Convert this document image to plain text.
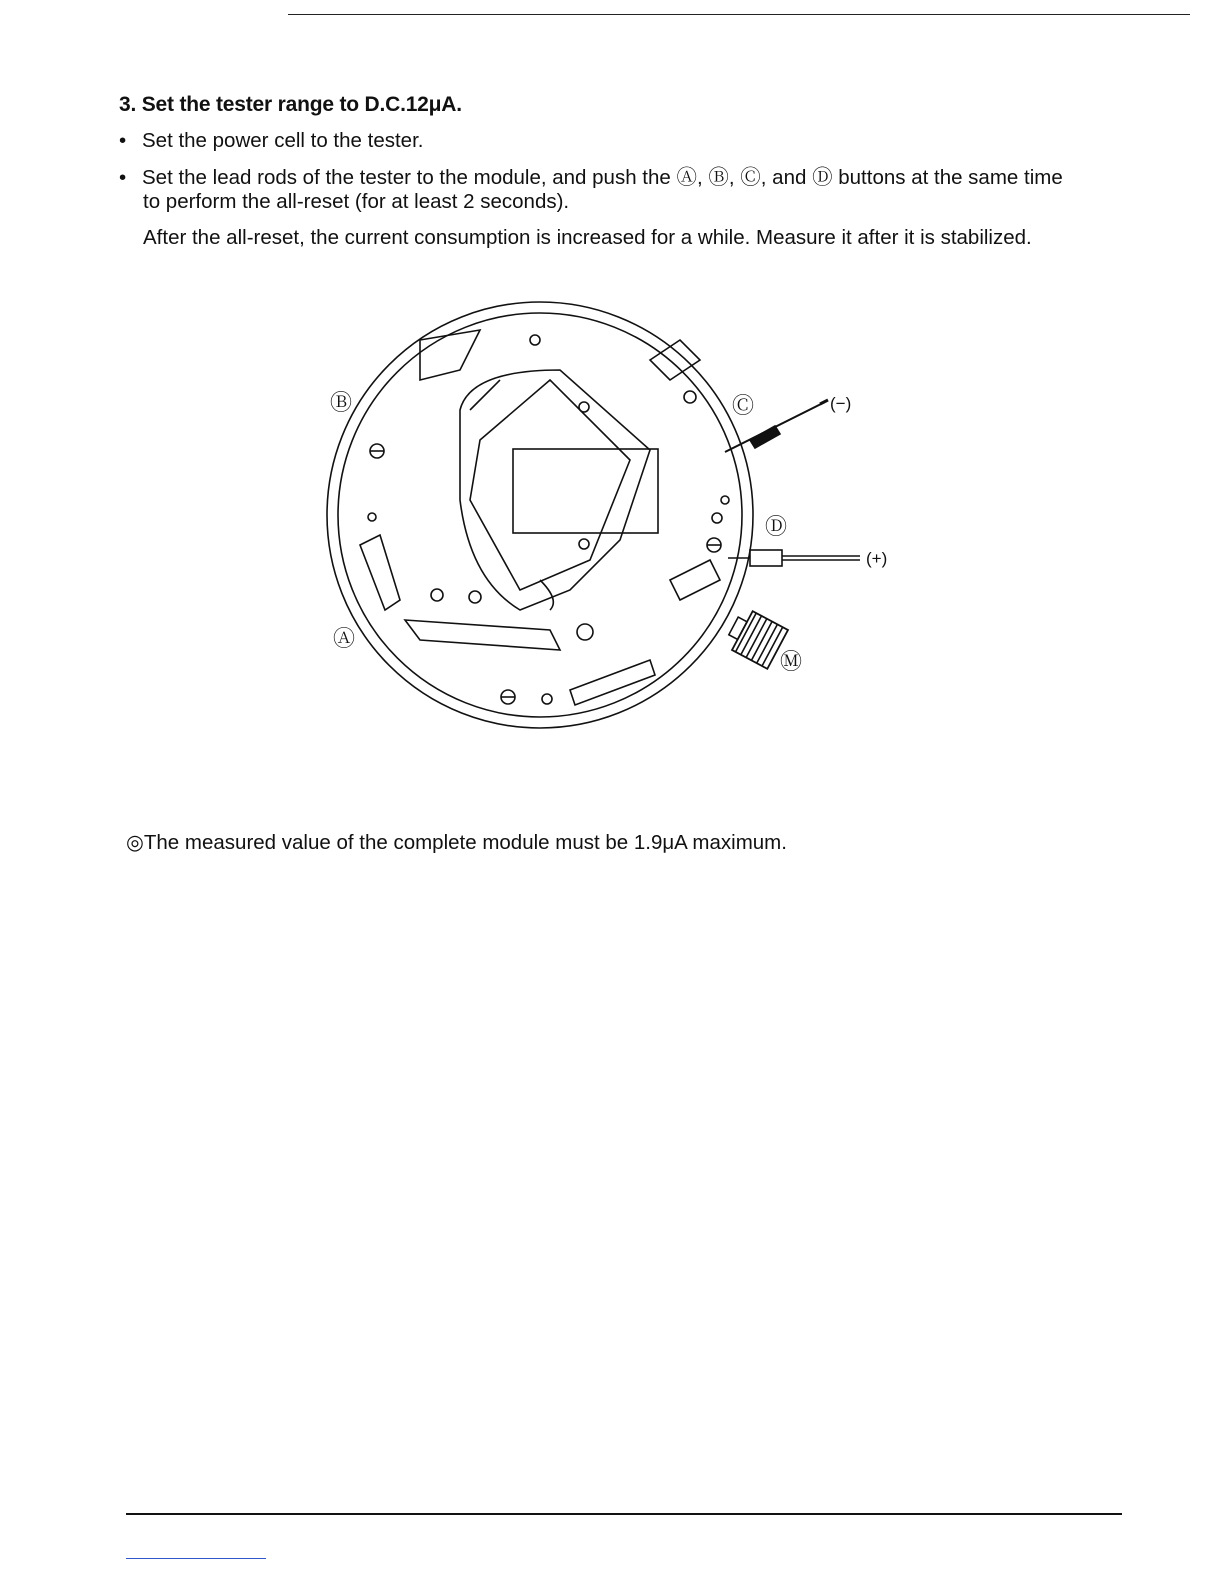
3. Set the tester range to D.C.12μA.
• Set the power cell to the tester.
• Set the lead rods of the tester to the module, and push the Ⓐ, Ⓑ, Ⓒ, and Ⓓ buttons at the same time
to perform the all-reset (for at least 2 seconds).
After the all-reset, the current consumption is increased for a while. Measure it after it is stabilized.
Ⓑ	Ⓒ
Ⓓ
Ⓐ
Ⓜ
(−)
(+)
◎The measured value of the complete module must be 1.9μA maximum.
